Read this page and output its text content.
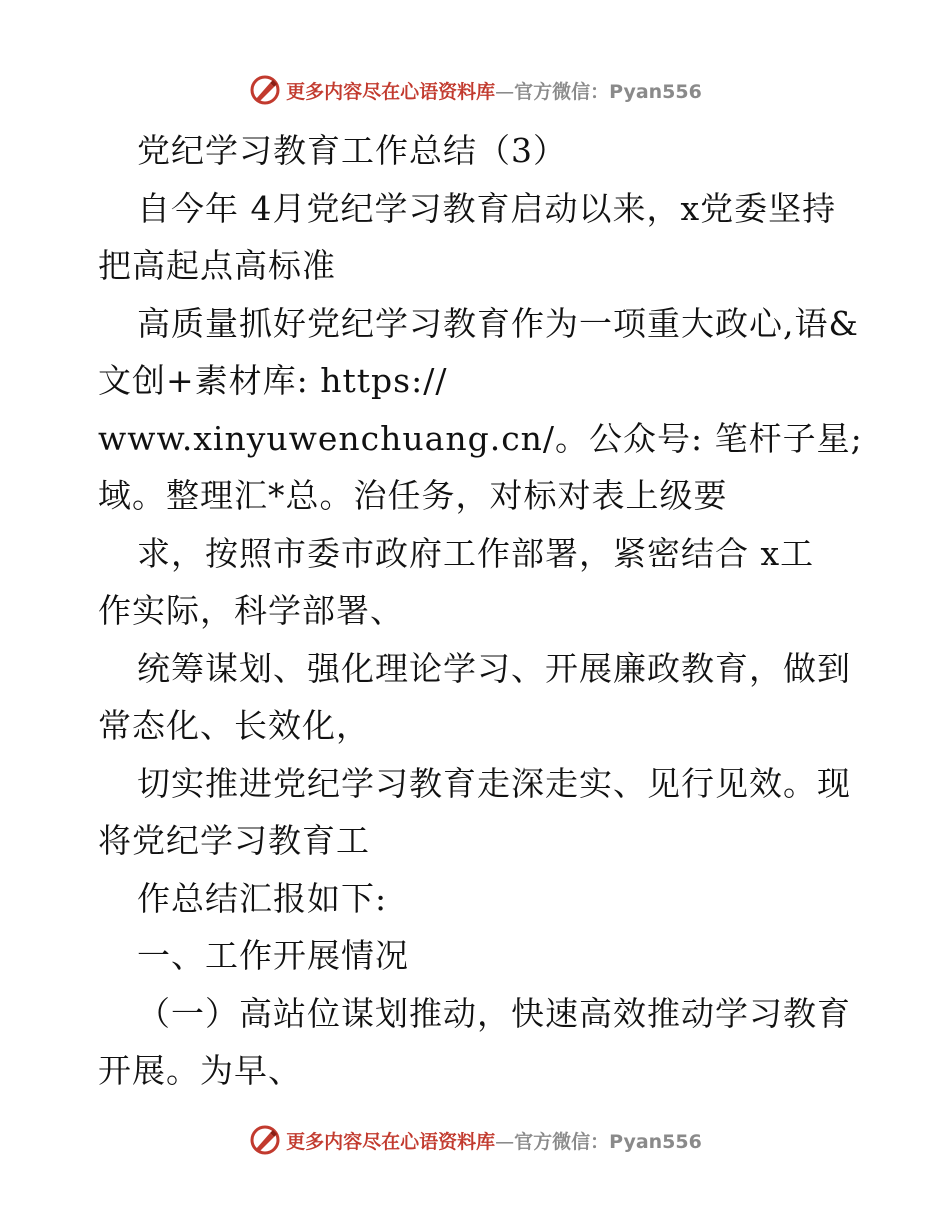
更多内容尽在心语资料库—官方微信：Pyan556

党纪学习教育工作总结（3）

自今年 4月党纪学习教育启动以来，x党委坚持

把高起点高标准

高质量抓好党纪学习教育作为一项重大政心,语&

文创+素材库: https://

www.xinyuwenchuang.cn/。公众号: 笔杆子星;

域。整理汇*总。治任务，对标对表上级要

求，按照市委市政府工作部署，紧密结合 x工

作实际，科学部署、

统筹谋划、强化理论学习、开展廉政教育，做到

常态化、长效化，

切实推进党纪学习教育走深走实、见行见效。现

将党纪学习教育工

作总结汇报如下:

一、工作开展情况

（一）高站位谋划推动，快速高效推动学习教育

开展。为早、

更多内容尽在心语资料库—官方微信：Pyan556
